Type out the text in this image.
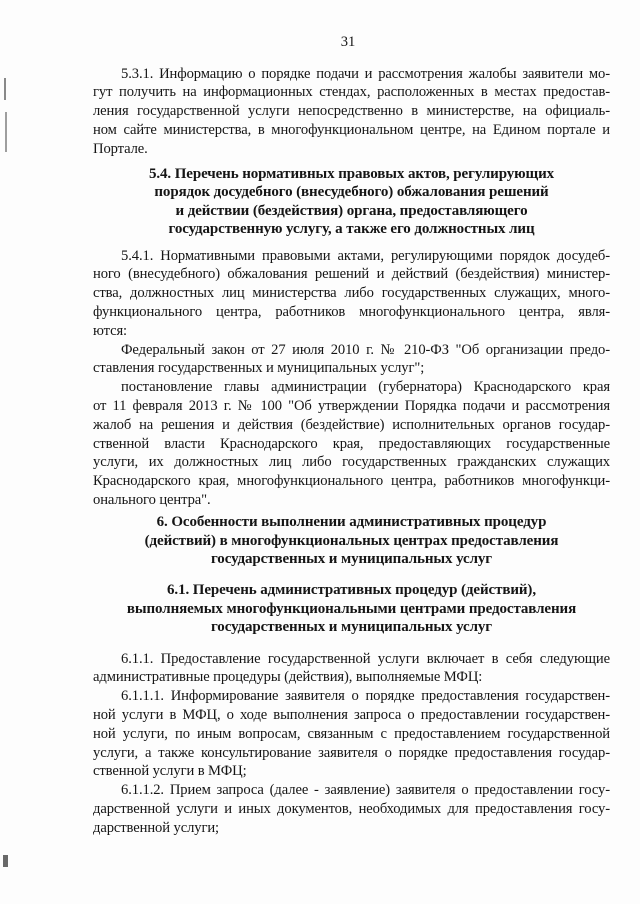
31
5.3.1. Информацию о порядке подачи и рассмотрения жалобы заявители мо-
гут получить на информационных стендах, расположенных в местах предостав-
ления государственной услуги непосредственно в министерстве, на официаль-
ном сайте министерства, в многофункциональном центре, на Едином портале и
Портале.
5.4. Перечень нормативных правовых актов, регулирующих
порядок досудебного (внесудебного) обжалования решений
и действии (бездействия) органа, предоставляющего
государственную услугу, а также его должностных лиц
5.4.1. Нормативными правовыми актами, регулирующими порядок досудеб-
ного (внесудебного) обжалования решений и действий (бездействия) министер-
ства, должностных лиц министерства либо государственных служащих, много-
функционального центра, работников многофункционального центра, явля-
ются:
Федеральный закон от 27 июля 2010 г. № 210-ФЗ "Об организации предо-
ставления государственных и муниципальных услуг";
постановление главы администрации (губернатора) Краснодарского края
от 11 февраля 2013 г. № 100 "Об утверждении Порядка подачи и рассмотрения
жалоб на решения и действия (бездействие) исполнительных органов государ-
ственной власти Краснодарского края, предоставляющих государственные
услуги, их должностных лиц либо государственных гражданских служащих
Краснодарского края, многофункционального центра, работников многофункци-
онального центра".
6. Особенности выполнении административных процедур
(действий) в многофункциональных центрах предоставления
государственных и муниципальных услуг
6.1. Перечень административных процедур (действий),
выполняемых многофункциональными центрами предоставления
государственных и муниципальных услуг
6.1.1. Предоставление государственной услуги включает в себя следующие
административные процедуры (действия), выполняемые МФЦ:
6.1.1.1. Информирование заявителя о порядке предоставления государствен-
ной услуги в МФЦ, о ходе выполнения запроса о предоставлении государствен-
ной услуги, по иным вопросам, связанным с предоставлением государственной
услуги, а также консультирование заявителя о порядке предоставления государ-
ственной услуги в МФЦ;
6.1.1.2. Прием запроса (далее - заявление) заявителя о предоставлении госу-
дарственной услуги и иных документов, необходимых для предоставления госу-
дарственной услуги;
